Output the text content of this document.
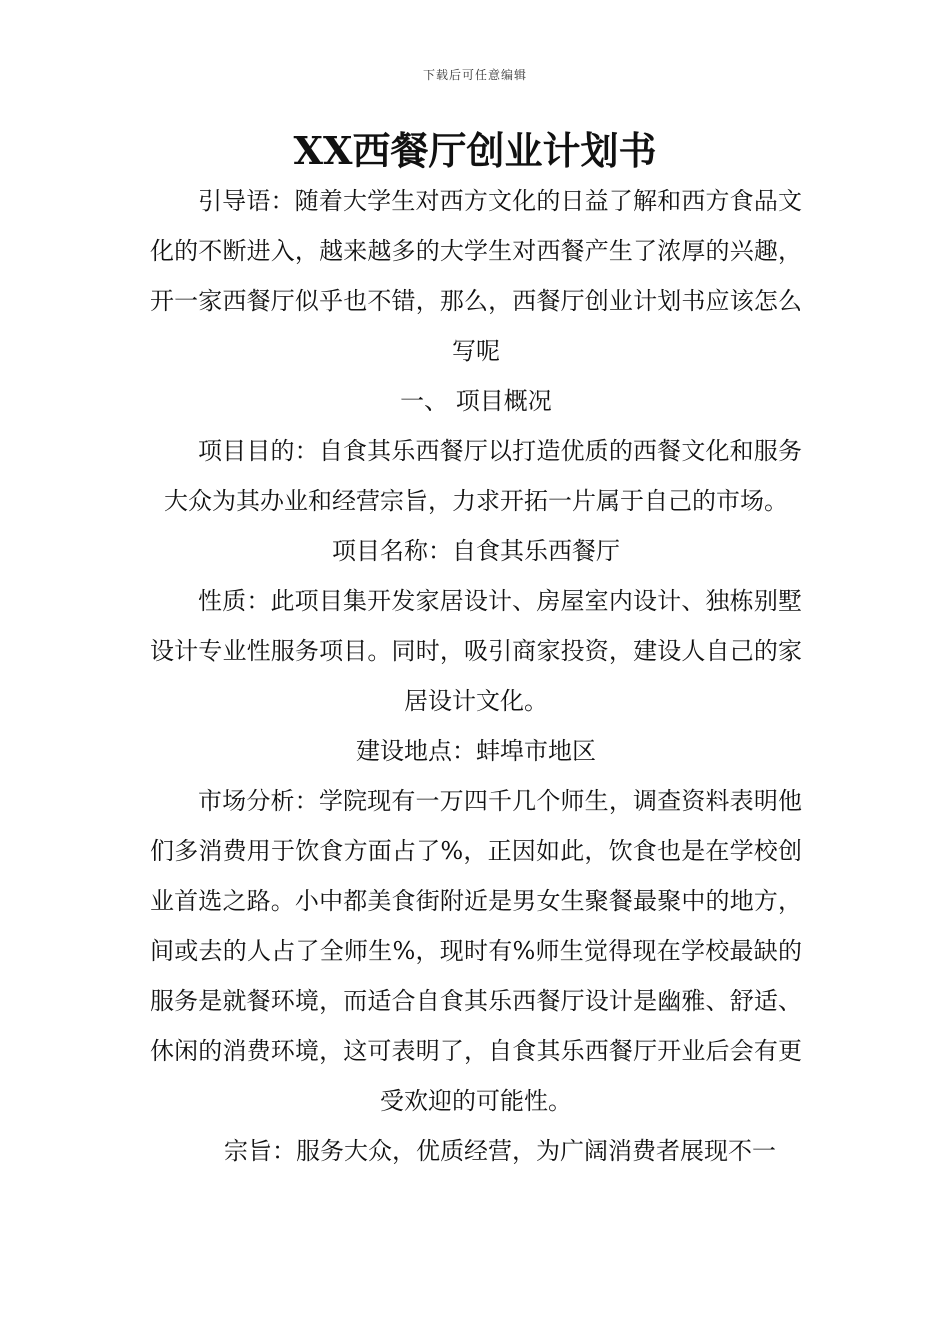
下载后可任意编辑
XX西餐厅创业计划书

引导语：随着大学生对西方文化的日益了解和西方食品文化的不断进入，越来越多的大学生对西餐产生了浓厚的兴趣，开一家西餐厅似乎也不错，那么，西餐厅创业计划书应该怎么写呢

一、 项目概况

项目目的：自食其乐西餐厅以打造优质的西餐文化和服务大众为其办业和经营宗旨，力求开拓一片属于自己的市场。

项目名称：自食其乐西餐厅

性质：此项目集开发家居设计、房屋室内设计、独栋别墅设计专业性服务项目。同时，吸引商家投资，建设人自己的家居设计文化。

建设地点：蚌埠市地区

市场分析：学院现有一万四千几个师生，调查资料表明他们多消费用于饮食方面占了%，正因如此，饮食也是在学校创业首选之路。小中都美食街附近是男女生聚餐最聚中的地方，间或去的人占了全师生%，现时有%师生觉得现在学校最缺的服务是就餐环境，而适合自食其乐西餐厅设计是幽雅、舒适、休闲的消费环境，这可表明了，自食其乐西餐厅开业后会有更受欢迎的可能性。

宗旨：服务大众，优质经营，为广阔消费者展现不一
